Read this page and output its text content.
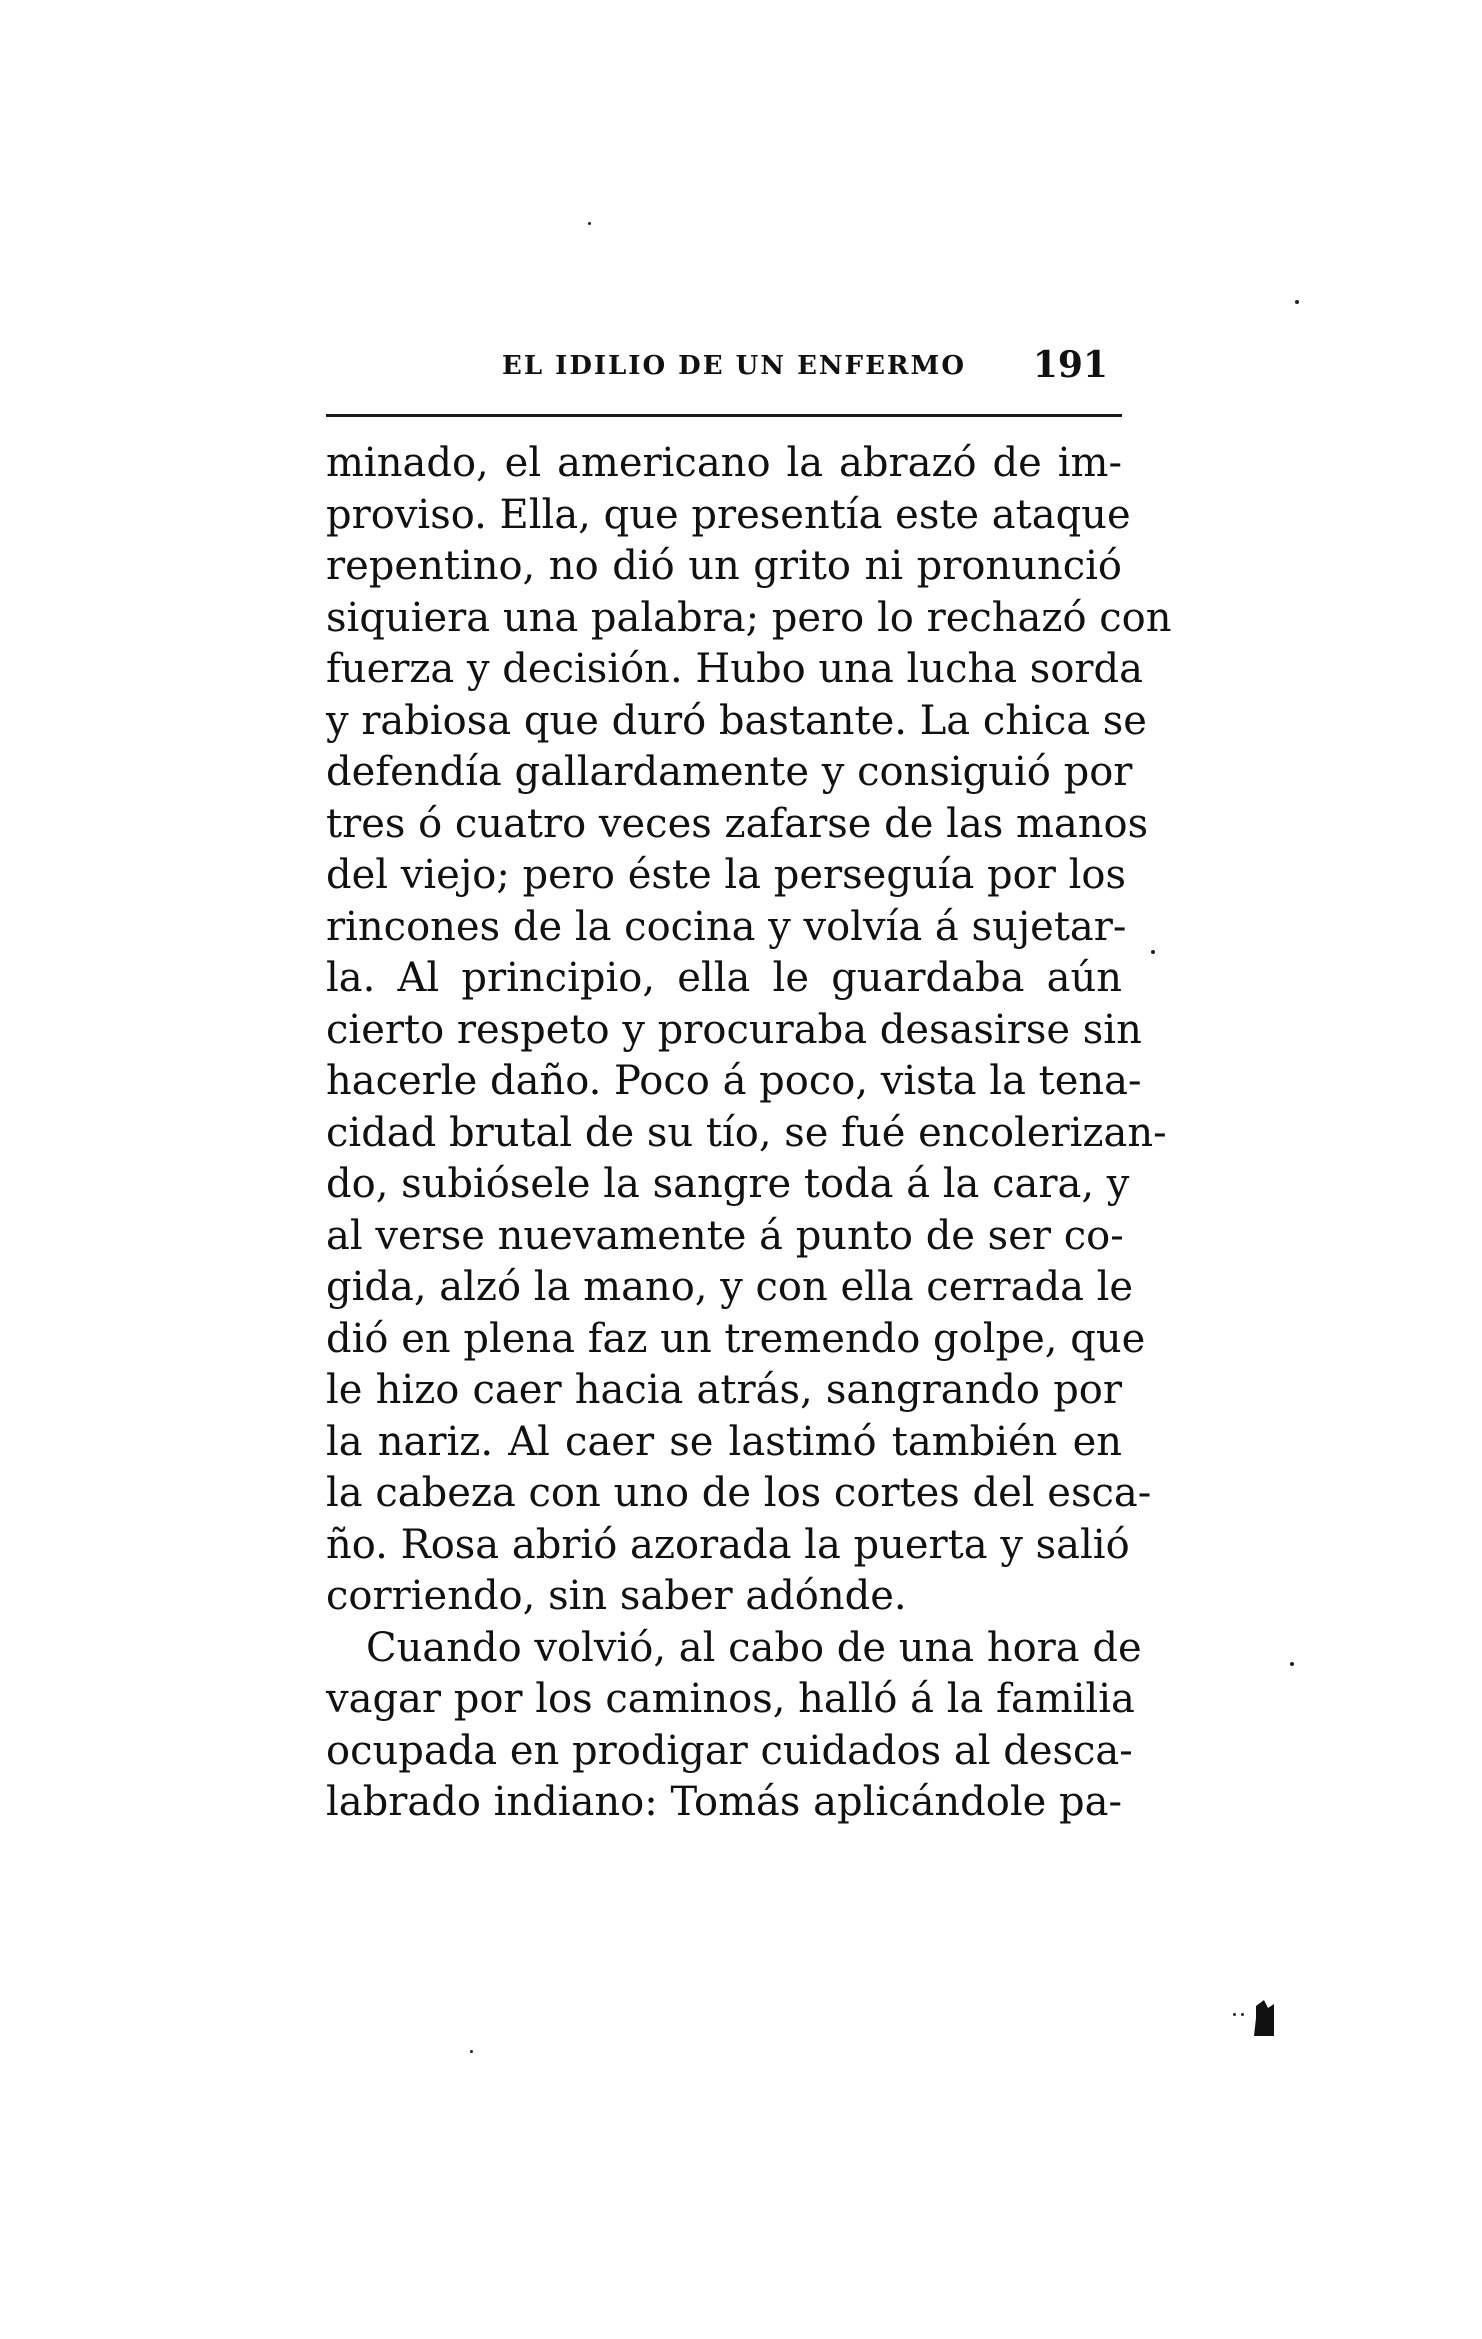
EL IDILIO DE UN ENFERMO 191
minado, el americano la abrazó de im-
proviso. Ella, que presentía este ataque
repentino, no dió un grito ni pronunció
siquiera una palabra; pero lo rechazó con
fuerza y decisión. Hubo una lucha sorda
y rabiosa que duró bastante. La chica se
defendía gallardamente y consiguió por
tres ó cuatro veces zafarse de las manos
del viejo; pero éste la perseguía por los
rincones de la cocina y volvía á sujetar-
la. Al principio, ella le guardaba aún
cierto respeto y procuraba desasirse sin
hacerle daño. Poco á poco, vista la tena-
cidad brutal de su tío, se fué encolerizan-
do, subiósele la sangre toda á la cara, y
al verse nuevamente á punto de ser co-
gida, alzó la mano, y con ella cerrada le
dió en plena faz un tremendo golpe, que
le hizo caer hacia atrás, sangrando por
la nariz. Al caer se lastimó también en
la cabeza con uno de los cortes del esca-
ño. Rosa abrió azorada la puerta y salió
corriendo, sin saber adónde.
Cuando volvió, al cabo de una hora de
vagar por los caminos, halló á la familia
ocupada en prodigar cuidados al desca-
labrado indiano: Tomás aplicándole pa-
